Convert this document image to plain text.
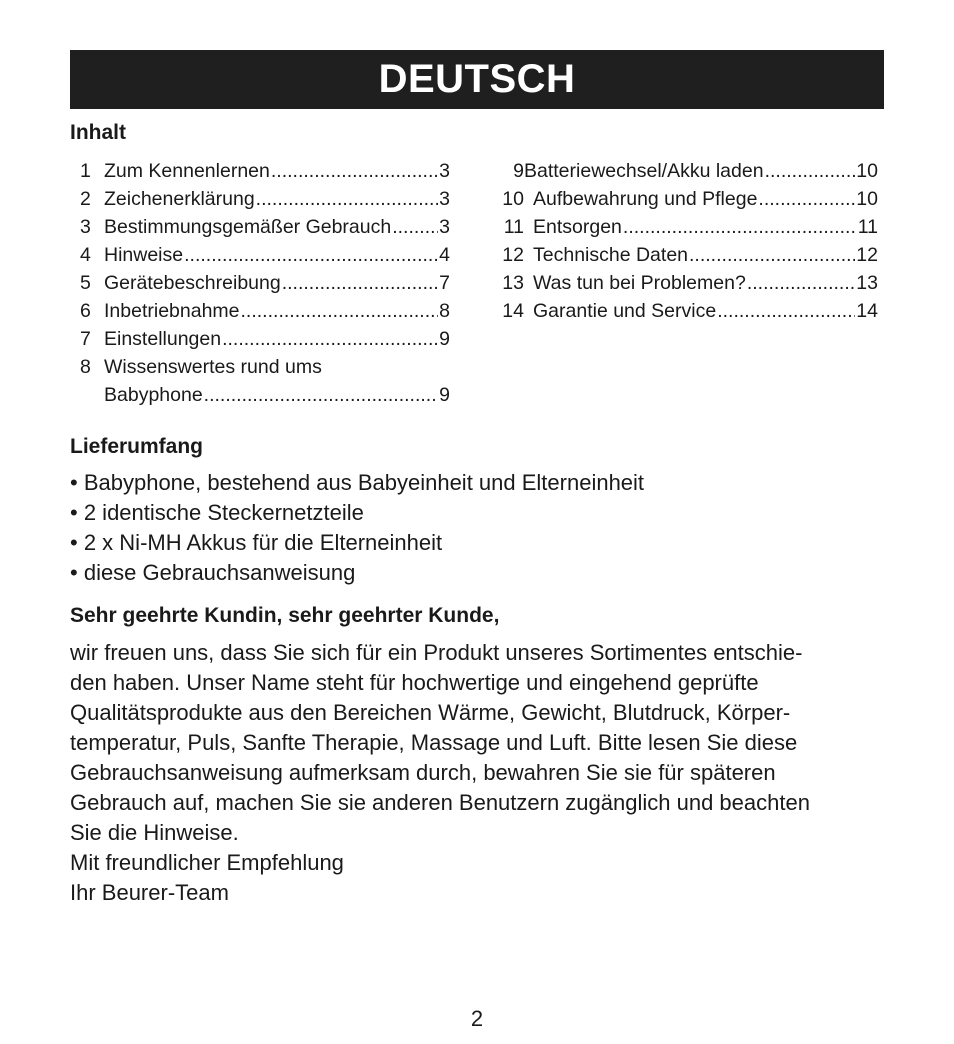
DEUTSCH
Inhalt
1 Zum Kennenlernen .....	3
2 Zeichenerklärung .....	3
3 Bestimmungsgemäßer Gebrauch ..... 3
4 Hinweise .....	4
5 Gerätebeschreibung .....	7
6 Inbetriebnahme .....	8
7 Einstellungen .....	9
8 Wissenswertes rund ums
Babyphone .....	9
9 Batteriewechsel/Akku laden .....	10
10 Aufbewahrung und Pflege .....	10
11 Entsorgen .....	11
12 Technische Daten .....	12
13 Was tun bei Problemen? .....	13
14 Garantie und Service .....	14
Lieferumfang
• Babyphone, bestehend aus Babyeinheit und Elterneinheit
• 2 identische Steckernetzteile
• 2 x Ni-MH Akkus für die Elterneinheit
• diese Gebrauchsanweisung
Sehr geehrte Kundin, sehr geehrter Kunde,
wir freuen uns, dass Sie sich für ein Produkt unseres Sortimentes entschie-
den haben. Unser Name steht für hochwertige und eingehend geprüfte
Qualitätsprodukte aus den Bereichen Wärme, Gewicht, Blutdruck, Körper-
temperatur, Puls, Sanfte Therapie, Massage und Luft. Bitte lesen Sie diese
Gebrauchsanweisung aufmerksam durch, bewahren Sie sie für späteren
Gebrauch auf, machen Sie sie anderen Benutzern zugänglich und beachten
Sie die Hinweise.
Mit freundlicher Empfehlung
Ihr Beurer-Team
2
